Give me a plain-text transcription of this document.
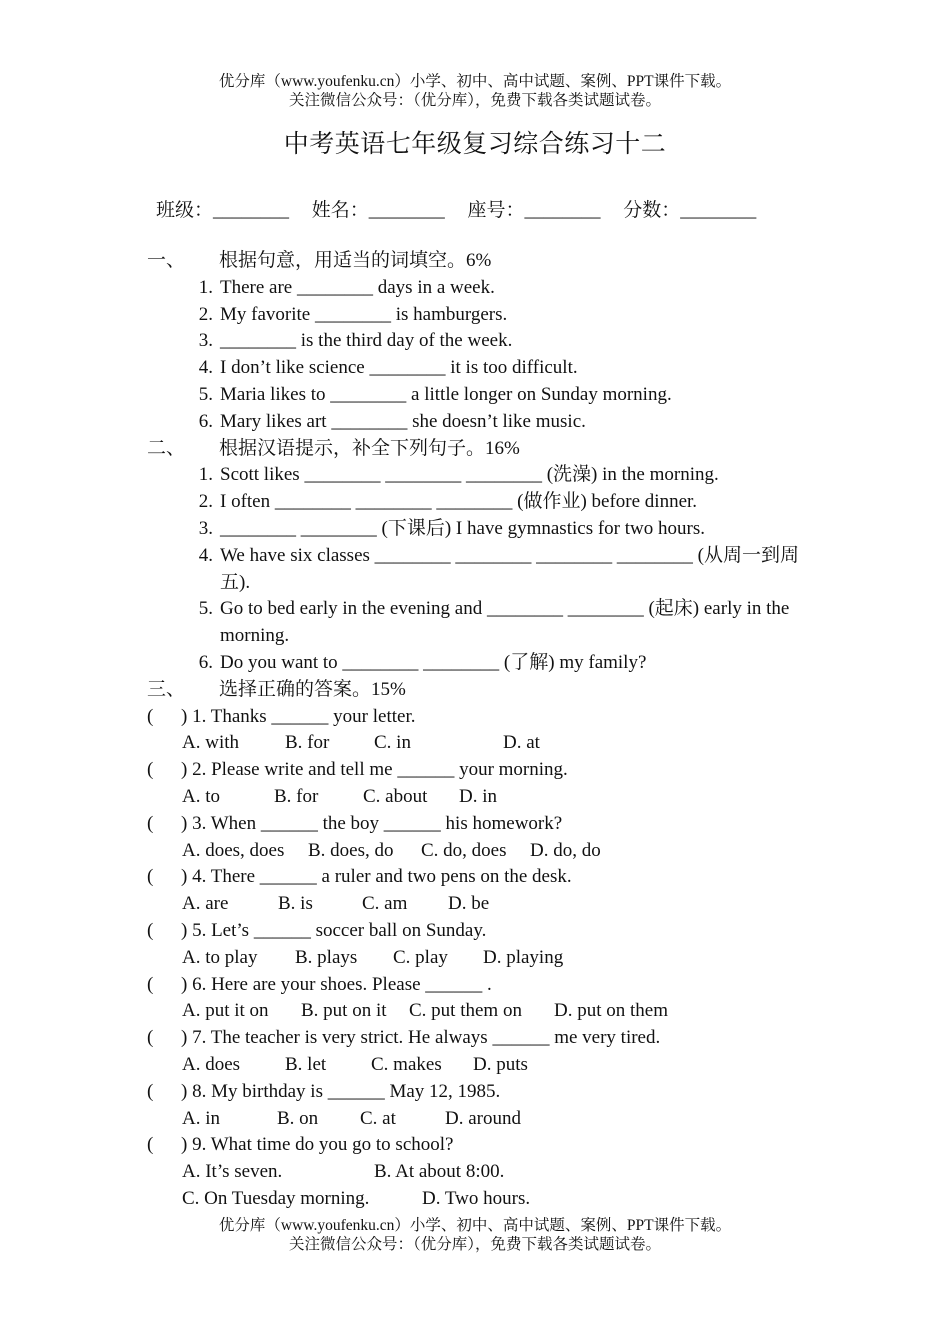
优分库（www.youfenku.cn）小学、初中、高中试题、案例、PPT课件下载。
关注微信公众号：（优分库），免费下载各类试题试卷。
中考英语七年级复习综合练习十二
班级：________ 姓名：________ 座号：________ 分数：________
一、 根据句意，用适当的词填空。6%
1. There are ________ days in a week.
2. My favorite ________ is hamburgers.
3. ________ is the third day of the week.
4. I don’t like science ________ it is too difficult.
5. Maria likes to ________ a little longer on Sunday morning.
6. Mary likes art ________ she doesn’t like music.
二、 根据汉语提示，补全下列句子。16%
1. Scott likes ________ ________ ________ (洗澡) in the morning.
2. I often ________ ________ ________ (做作业) before dinner.
3. ________ ________ (下课后) I have gymnastics for two hours.
4. We have six classes ________ ________ ________ ________ (从周一到周五).
5. Go to bed early in the evening and ________ ________ (起床) early in the morning.
6. Do you want to ________ ________ (了解) my family?
三、 选择正确的答案。15%
( ) 1. Thanks ______ your letter.
A. with B. for C. in	D. at
( ) 2. Please write and tell me ______ your morning.
A. to	B. for C. about D. in
( ) 3. When ______ the boy ______ his homework?
A. does, does B. does, do C. do, does D. do, do
( ) 4. There ______ a ruler and two pens on the desk.
A. are	B. is	C. am D. be
( ) 5. Let’s ______ soccer ball on Sunday.
A. to play B. plays C. play D. playing
( ) 6. Here are your shoes. Please ______ .
A. put it on B. put on it C. put them on D. put on them
( ) 7. The teacher is very strict. He always ______ me very tired.
A. does B. let C. makes D. puts
( ) 8. My birthday is ______ May 12, 1985.
A. in	B. on C. at	D. around
( ) 9. What time do you go to school?
A. It’s seven.	B. At about 8:00.
C. On Tuesday morning.	D. Two hours.
优分库（www.youfenku.cn）小学、初中、高中试题、案例、PPT课件下载。
关注微信公众号：（优分库），免费下载各类试题试卷。
